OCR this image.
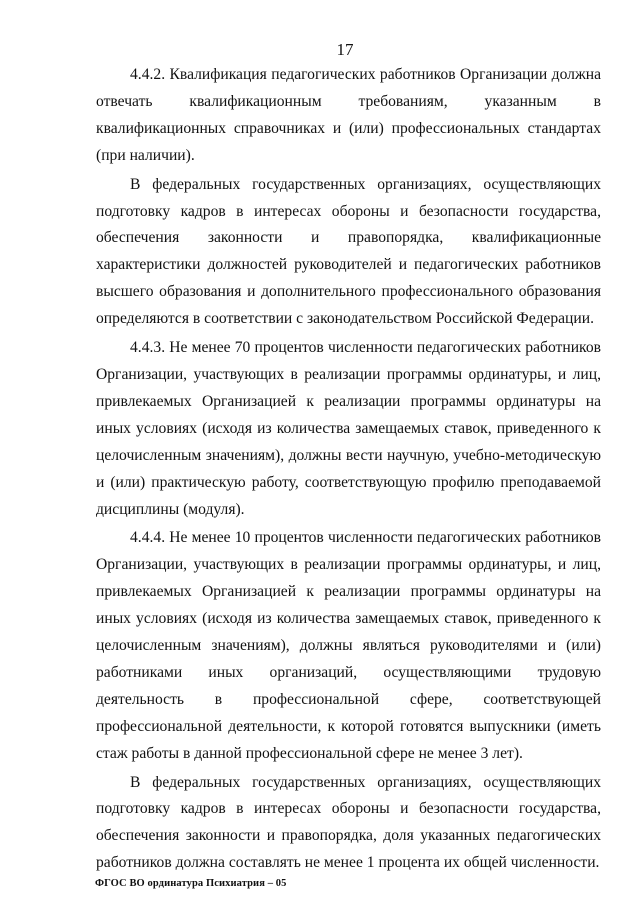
17

4.4.2. Квалификация педагогических работников Организации должна отвечать квалификационным требованиям, указанным в квалификационных справочниках и (или) профессиональных стандартах (при наличии).

В федеральных государственных организациях, осуществляющих подготовку кадров в интересах обороны и безопасности государства, обеспечения законности и правопорядка, квалификационные характеристики должностей руководителей и педагогических работников высшего образования и дополнительного профессионального образования определяются в соответствии с законодательством Российской Федерации.

4.4.3. Не менее 70 процентов численности педагогических работников Организации, участвующих в реализации программы ординатуры, и лиц, привлекаемых Организацией к реализации программы ординатуры на иных условиях (исходя из количества замещаемых ставок, приведенного к целочисленным значениям), должны вести научную, учебно-методическую и (или) практическую работу, соответствующую профилю преподаваемой дисциплины (модуля).

4.4.4. Не менее 10 процентов численности педагогических работников Организации, участвующих в реализации программы ординатуры, и лиц, привлекаемых Организацией к реализации программы ординатуры на иных условиях (исходя из количества замещаемых ставок, приведенного к целочисленным значениям), должны являться руководителями и (или) работниками иных организаций, осуществляющими трудовую деятельность в профессиональной сфере, соответствующей профессиональной деятельности, к которой готовятся выпускники (иметь стаж работы в данной профессиональной сфере не менее 3 лет).

В федеральных государственных организациях, осуществляющих подготовку кадров в интересах обороны и безопасности государства, обеспечения законности и правопорядка, доля указанных педагогических работников должна составлять не менее 1 процента их общей численности.

ФГОС ВО ординатура Психиатрия – 05
